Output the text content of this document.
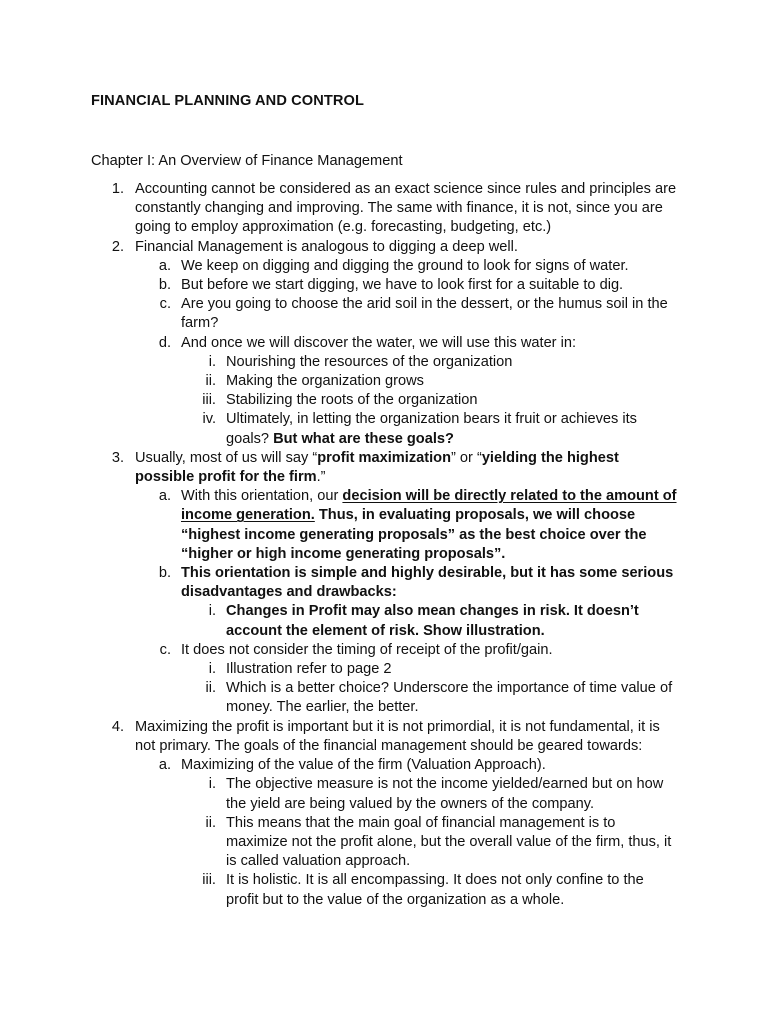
FINANCIAL PLANNING AND CONTROL
Chapter I: An Overview of Finance Management
1. Accounting cannot be considered as an exact science since rules and principles are constantly changing and improving. The same with finance, it is not, since you are going to employ approximation (e.g. forecasting, budgeting, etc.)
2. Financial Management is analogous to digging a deep well.
a. We keep on digging and digging the ground to look for signs of water.
b. But before we start digging, we have to look first for a suitable to dig.
c. Are you going to choose the arid soil in the dessert, or the humus soil in the farm?
d. And once we will discover the water, we will use this water in:
i. Nourishing the resources of the organization
ii. Making the organization grows
iii. Stabilizing the roots of the organization
iv. Ultimately, in letting the organization bears it fruit or achieves its goals? But what are these goals?
3. Usually, most of us will say “profit maximization” or “yielding the highest possible profit for the firm.”
a. With this orientation, our decision will be directly related to the amount of income generation. Thus, in evaluating proposals, we will choose “highest income generating proposals” as the best choice over the “higher or high income generating proposals”.
b. This orientation is simple and highly desirable, but it has some serious disadvantages and drawbacks:
i. Changes in Profit may also mean changes in risk. It doesn’t account the element of risk. Show illustration.
c. It does not consider the timing of receipt of the profit/gain.
i. Illustration refer to page 2
ii. Which is a better choice? Underscore the importance of time value of money. The earlier, the better.
4. Maximizing the profit is important but it is not primordial, it is not fundamental, it is not primary. The goals of the financial management should be geared towards:
a. Maximizing of the value of the firm (Valuation Approach).
i. The objective measure is not the income yielded/earned but on how the yield are being valued by the owners of the company.
ii. This means that the main goal of financial management is to maximize not the profit alone, but the overall value of the firm, thus, it is called valuation approach.
iii. It is holistic. It is all encompassing. It does not only confine to the profit but to the value of the organization as a whole.
